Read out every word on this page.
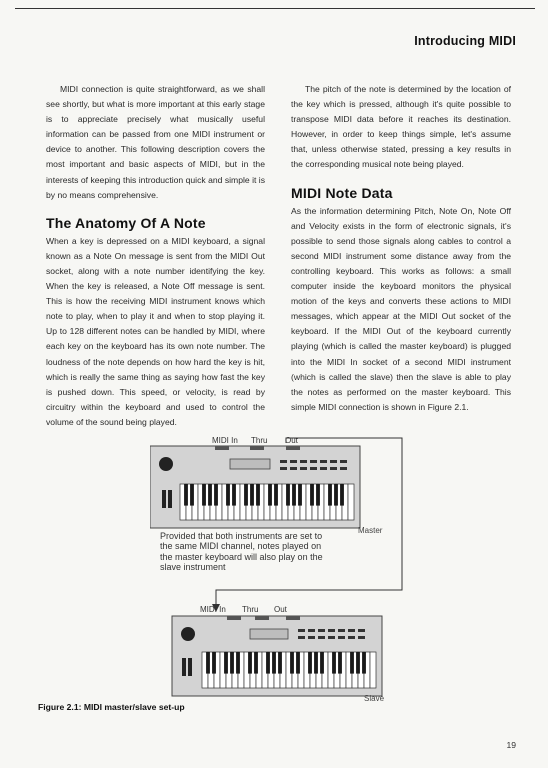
Introducing MIDI

MIDI connection is quite straightforward, as we shall see shortly, but what is more important at this early stage is to appreciate precisely what musically useful information can be passed from one MIDI instrument or device to another. This following description covers the most important and basic aspects of MIDI, but in the interests of keeping this introduction quick and simple it is by no means comprehensive.

The Anatomy Of A Note

When a key is depressed on a MIDI keyboard, a signal known as a Note On message is sent from the MIDI Out socket, along with a note number identifying the key. When the key is released, a Note Off message is sent. This is how the receiving MIDI instrument knows which note to play, when to play it and when to stop playing it. Up to 128 different notes can be handled by MIDI, where each key on the keyboard has its own note number. The loudness of the note depends on how hard the key is hit, which is really the same thing as saying how fast the key is pushed down. This speed, or velocity, is read by circuitry within the keyboard and used to control the volume of the sound being played.

The pitch of the note is determined by the location of the key which is pressed, although it's quite possible to transpose MIDI data before it reaches its destination. However, in order to keep things simple, let's assume that, unless otherwise stated, pressing a key results in the corresponding musical note being played.

MIDI Note Data

As the information determining Pitch, Note On, Note Off and Velocity exists in the form of electronic signals, it's possible to send those signals along cables to control a second MIDI instrument some distance away from the controlling keyboard. This works as follows: a small computer inside the keyboard monitors the physical motion of the keys and converts these actions to MIDI messages, which appear at the MIDI Out socket of the keyboard. If the MIDI Out of the keyboard currently playing (which is called the master keyboard) is plugged into the MIDI In socket of a second MIDI instrument (which is called the slave) then the slave is able to play the notes as performed on the master keyboard. This simple MIDI connection is shown in Figure 2.1.

MIDI In Thru Out
Provided that both instruments are set to the same MIDI channel, notes played on the master keyboard will also play on the slave instrument
Master
MIDI In Thru Out
Slave
Figure 2.1: MIDI master/slave set-up
19
